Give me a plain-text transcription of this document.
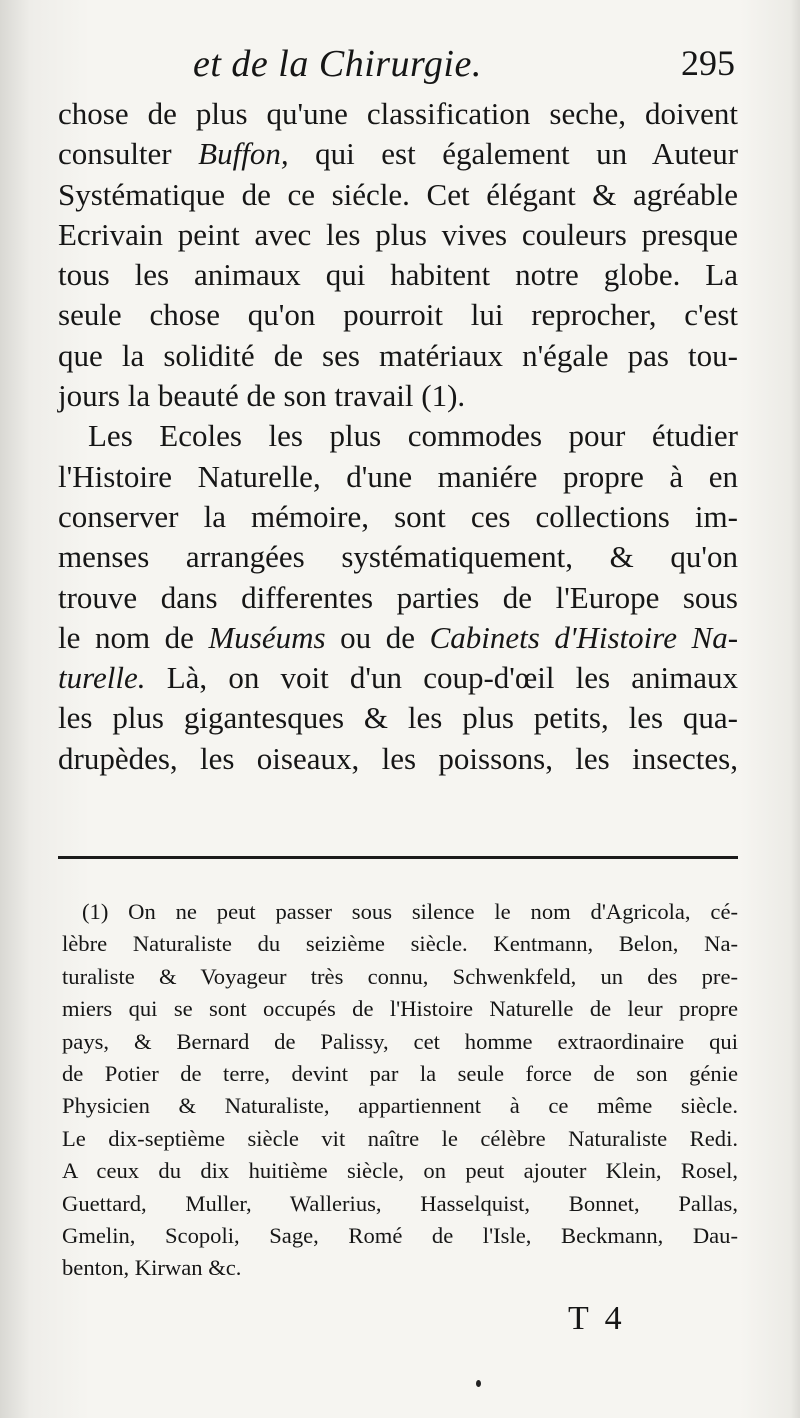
et de la Chirurgie.	295
chose de plus qu'une classification seche, doivent
consulter Buffon, qui est également un Auteur
Systématique de ce siécle. Cet élégant & agréable
Ecrivain peint avec les plus vives couleurs presque
tous les animaux qui habitent notre globe. La
seule chose qu'on pourroit lui reprocher, c'est
que la solidité de ses matériaux n'égale pas tou-
jours la beauté de son travail (1).
Les Ecoles les plus commodes pour étudier
l'Histoire Naturelle, d'une maniére propre à en
conserver la mémoire, sont ces collections im-
menses arrangées systématiquement, & qu'on
trouve dans differentes parties de l'Europe sous
le nom de Muséums ou de Cabinets d'Histoire Na-
turelle. Là, on voit d'un coup-d'œil les animaux
les plus gigantesques & les plus petits, les qua-
drupèdes, les oiseaux, les poissons, les insectes,
(1) On ne peut passer sous silence le nom d'Agricola, cé-
lèbre Naturaliste du seizième siècle. Kentmann, Belon, Na-
turaliste & Voyageur très connu, Schwenkfeld, un des pre-
miers qui se sont occupés de l'Histoire Naturelle de leur propre
pays, & Bernard de Palissy, cet homme extraordinaire qui
de Potier de terre, devint par la seule force de son génie
Physicien & Naturaliste, appartiennent à ce même siècle.
Le dix-septième siècle vit naître le célèbre Naturaliste Redi.
A ceux du dix huitième siècle, on peut ajouter Klein, Rosel,
Guettard, Muller, Wallerius, Hasselquist, Bonnet, Pallas,
Gmelin, Scopoli, Sage, Romé de l'Isle, Beckmann, Dau-
benton, Kirwan &c.
T 4
